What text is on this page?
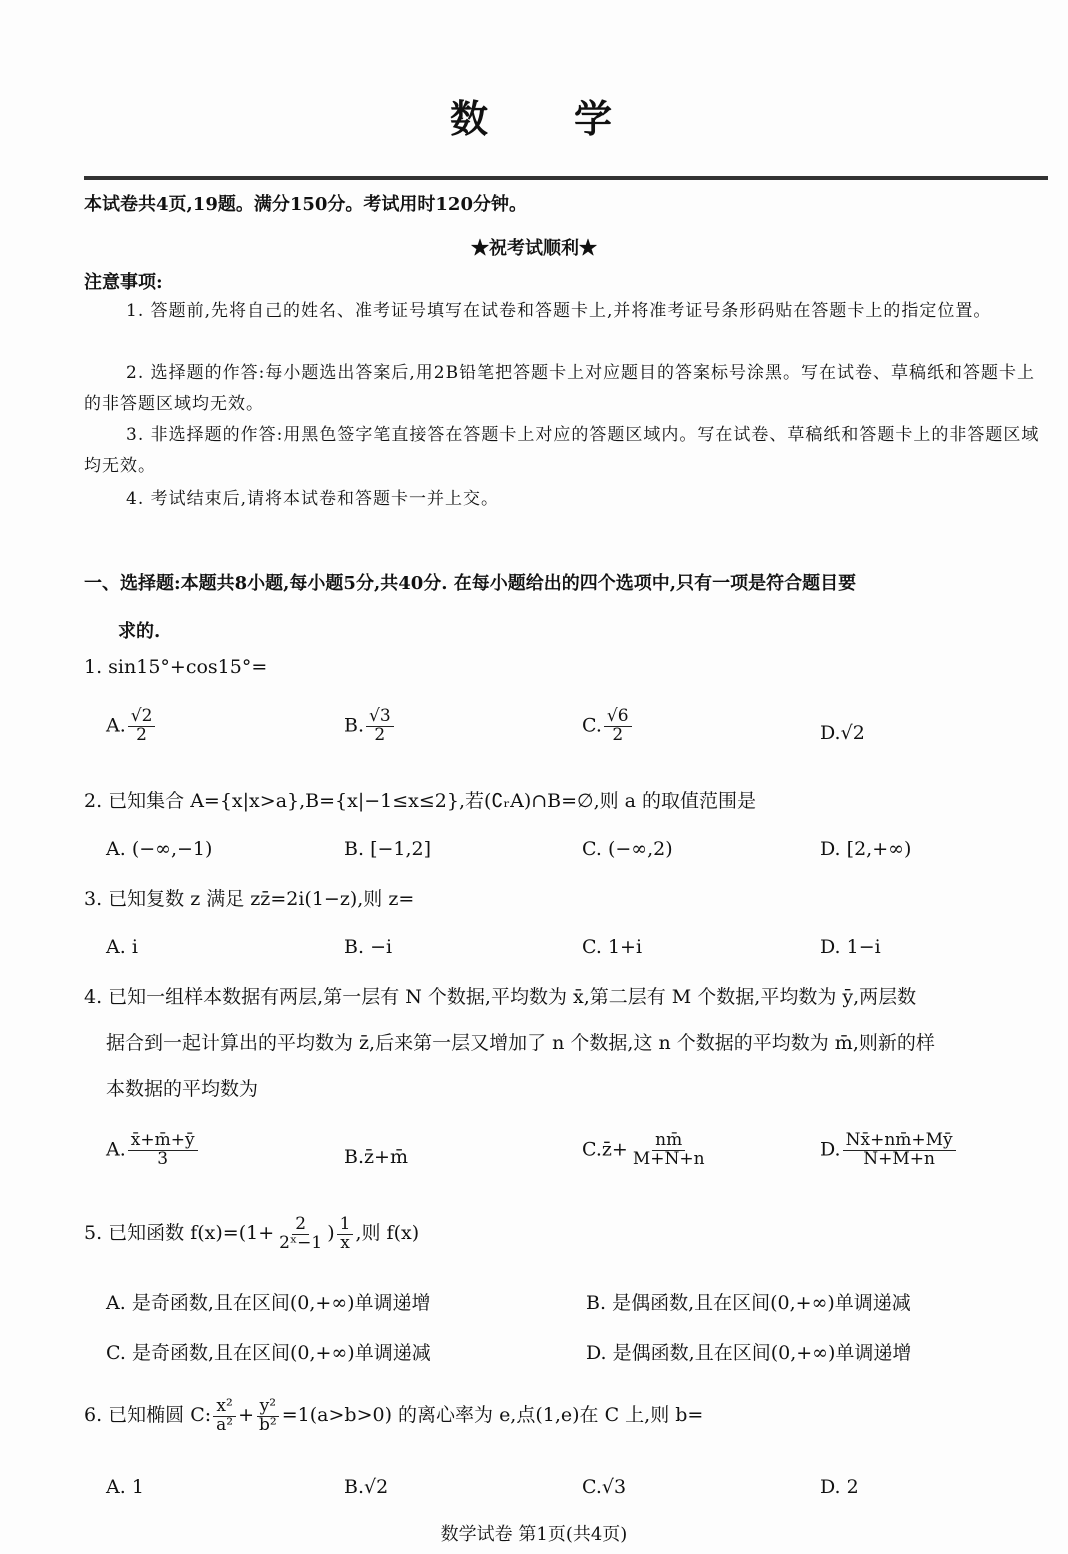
数 学
本试卷共4页,19题。满分150分。考试用时120分钟。
★祝考试顺利★
注意事项:
1. 答题前,先将自己的姓名、准考证号填写在试卷和答题卡上,并将准考证号条形码贴在答题卡上的指定位置。
2. 选择题的作答:每小题选出答案后,用2B铅笔把答题卡上对应题目的答案标号涂黑。写在试卷、草稿纸和答题卡上的非答题区域均无效。
3. 非选择题的作答:用黑色签字笔直接答在答题卡上对应的答题区域内。写在试卷、草稿纸和答题卡上的非答题区域均无效。
4. 考试结束后,请将本试卷和答题卡一并上交。
一、选择题:本题共8小题,每小题5分,共40分. 在每小题给出的四个选项中,只有一项是符合题目要
求的.
1. sin15°+cos15°=
A. $\frac{√2}{2}$	B. $\frac{√3}{2}$	C. $\frac{√6}{2}$	D.√2
2. 已知集合 A={x|x>a},B={x|−1≤x≤2},若(∁ᵣA)∩B=∅,则 a 的取值范围是
A. (−∞,−1)	B. [−1,2]	C. (−∞,2)	D. [2,+∞)
3. 已知复数 z 满足 zz̄=2i(1−z),则 z=
A. i	B. −i	C. 1+i	D. 1−i
4. 已知一组样本数据有两层,第一层有 N 个数据,平均数为 x̄,第二层有 M 个数据,平均数为 ȳ,两层数
据合到一起计算出的平均数为 z̄,后来第一层又增加了 n 个数据,这 n 个数据的平均数为 m̄,则新的样
本数据的平均数为
A. $\frac{x̄+m̄+ȳ}{3}$	B.z̄+m̄	C.z̄+ $\frac{nm̄}{M+N+n}$	D. $\frac{Nx̄+nm̄+Mȳ}{N+M+n}$
5. 已知函数 $f(x)=(1+ \frac{2}{\text{2ˣ−1}}$ ) $\frac{1}{x}$ ,则 f(x)
A. 是奇函数,且在区间(0,+∞)单调递增	B. 是偶函数,且在区间(0,+∞)单调递减
C. 是奇函数,且在区间(0,+∞)单调递减	D. 是偶函数,且在区间(0,+∞)单调递增
6. 已知椭圆 C: $\frac{\text{x²}}{\text{a²}} + \frac{\text{y²}}{\text{b²}} =1(a>b>0)$ 的离心率为 e,点(1,e)在 C 上,则 b=
A. 1	B.√2	C.√3	D. 2
数学试卷 第1页(共4页)
